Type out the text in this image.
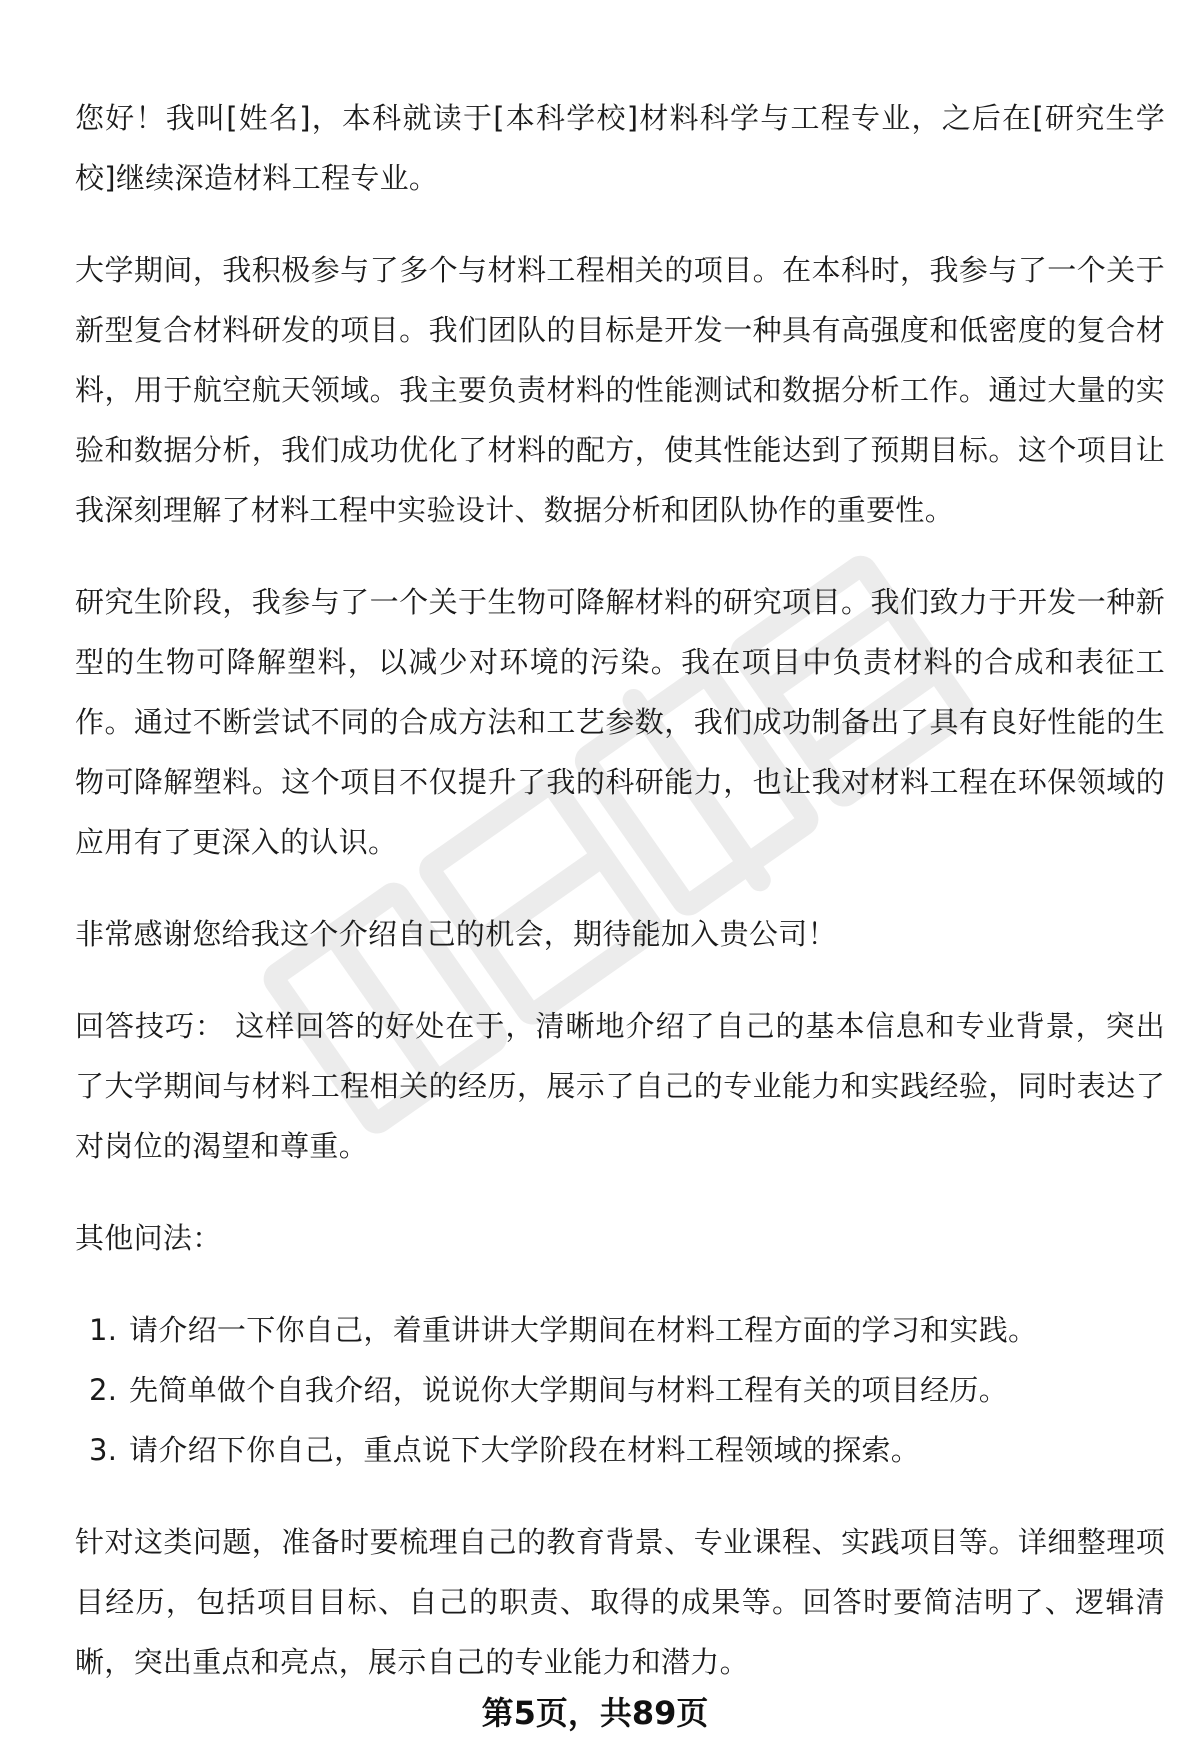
您好！我叫[姓名]，本科就读于[本科学校]材料科学与工程专业，之后在[研究生学校]继续深造材料工程专业。

大学期间，我积极参与了多个与材料工程相关的项目。在本科时，我参与了一个关于新型复合材料研发的项目。我们团队的目标是开发一种具有高强度和低密度的复合材料，用于航空航天领域。我主要负责材料的性能测试和数据分析工作。通过大量的实验和数据分析，我们成功优化了材料的配方，使其性能达到了预期目标。这个项目让我深刻理解了材料工程中实验设计、数据分析和团队协作的重要性。

研究生阶段，我参与了一个关于生物可降解材料的研究项目。我们致力于开发一种新型的生物可降解塑料，以减少对环境的污染。我在项目中负责材料的合成和表征工作。通过不断尝试不同的合成方法和工艺参数，我们成功制备出了具有良好性能的生物可降解塑料。这个项目不仅提升了我的科研能力，也让我对材料工程在环保领域的应用有了更深入的认识。

非常感谢您给我这个介绍自己的机会，期待能加入贵公司！

回答技巧： 这样回答的好处在于，清晰地介绍了自己的基本信息和专业背景，突出了大学期间与材料工程相关的经历，展示了自己的专业能力和实践经验，同时表达了对岗位的渴望和尊重。

其他问法：

1. 请介绍一下你自己，着重讲讲大学期间在材料工程方面的学习和实践。
2. 先简单做个自我介绍，说说你大学期间与材料工程有关的项目经历。
3. 请介绍下你自己，重点说下大学阶段在材料工程领域的探索。

针对这类问题，准备时要梳理自己的教育背景、专业课程、实践项目等。详细整理项目经历，包括项目目标、自己的职责、取得的成果等。回答时要简洁明了、逻辑清晰，突出重点和亮点，展示自己的专业能力和潜力。

第5页，共89页
